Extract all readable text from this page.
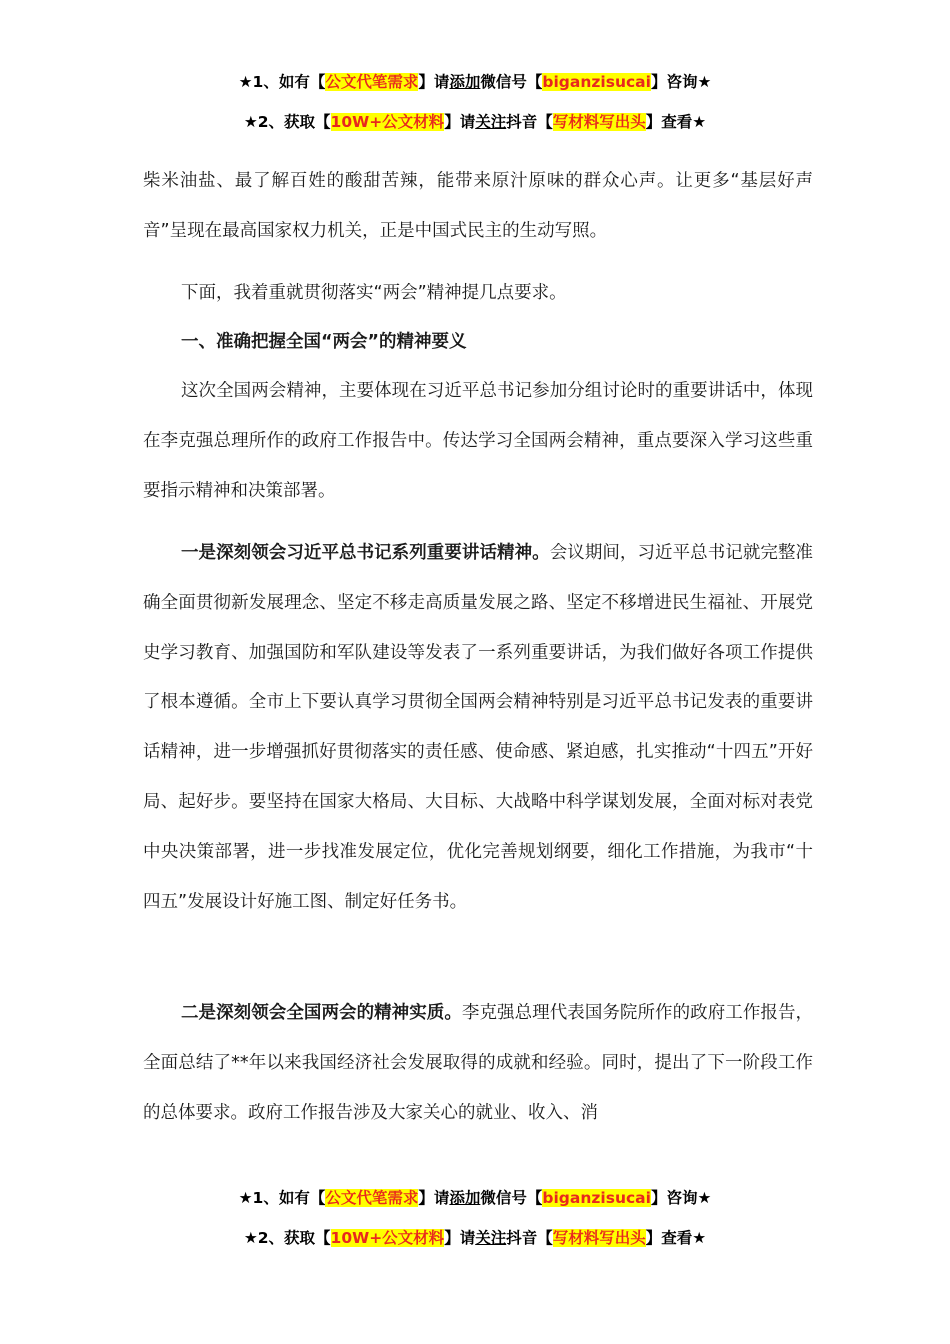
★1、如有【公文代笔需求】请添加微信号【biganzisucai】咨询★
★2、获取【10W+公文材料】请关注抖音【写材料写出头】查看★
柴米油盐、最了解百姓的酸甜苦辣，能带来原汁原味的群众心声。让更多“基层好声音”呈现在最高国家权力机关，正是中国式民主的生动写照。
下面，我着重就贯彻落实“两会”精神提几点要求。
一、准确把握全国“两会”的精神要义
这次全国两会精神，主要体现在习近平总书记参加分组讨论时的重要讲话中，体现在李克强总理所作的政府工作报告中。传达学习全国两会精神，重点要深入学习这些重要指示精神和决策部署。
一是深刻领会习近平总书记系列重要讲话精神。会议期间，习近平总书记就完整准确全面贯彻新发展理念、坚定不移走高质量发展之路、坚定不移增进民生福祉、开展党史学习教育、加强国防和军队建设等发表了一系列重要讲话，为我们做好各项工作提供了根本遵循。全市上下要认真学习贯彻全国两会精神特别是习近平总书记发表的重要讲话精神，进一步增强抓好贯彻落实的责任感、使命感、紧迫感，扎实推动“十四五”开好局、起好步。要坚持在国家大格局、大目标、大战略中科学谋划发展，全面对标对表党中央决策部署，进一步找准发展定位，优化完善规划纲要，细化工作措施，为我市“十四五”发展设计好施工图、制定好任务书。
二是深刻领会全国两会的精神实质。李克强总理代表国务院所作的政府工作报告，全面总结了**年以来我国经济社会发展取得的成就和经验。同时，提出了下一阶段工作的总体要求。政府工作报告涉及大家关心的就业、收入、消
★1、如有【公文代笔需求】请添加微信号【biganzisucai】咨询★
★2、获取【10W+公文材料】请关注抖音【写材料写出头】查看★
